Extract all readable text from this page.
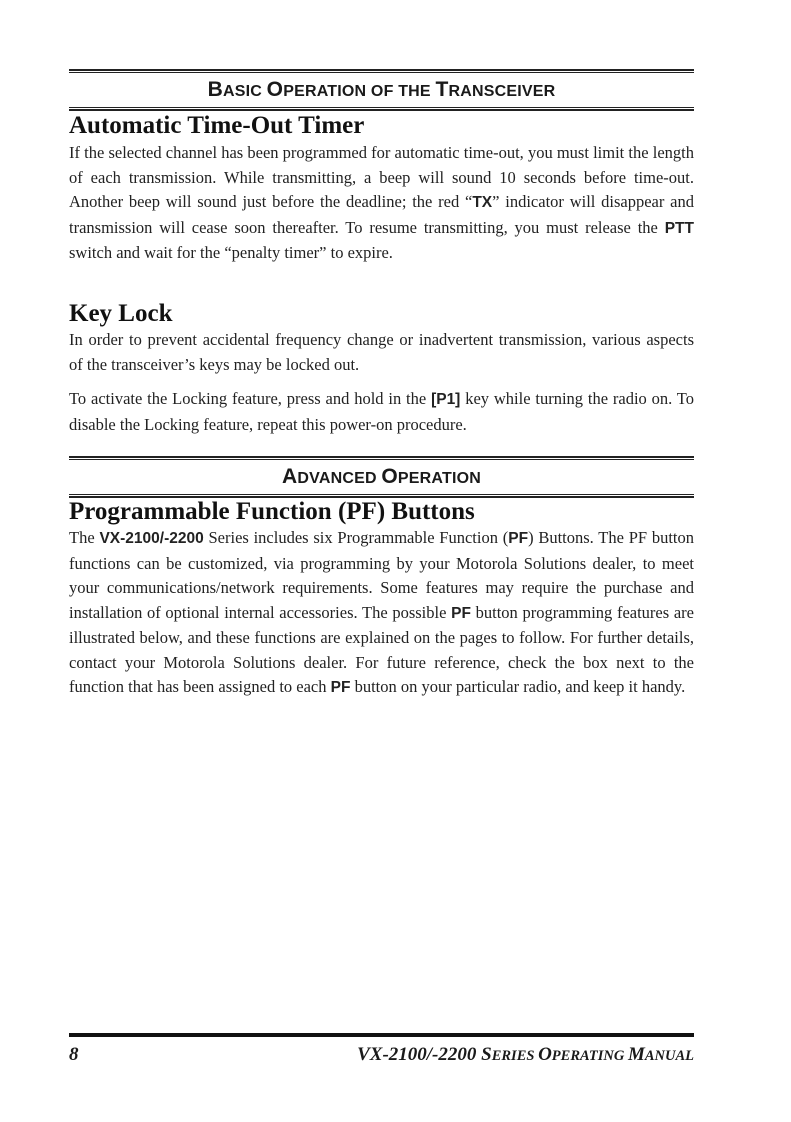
BASIC OPERATION OF THE TRANSCEIVER
Automatic Time-Out Timer

If the selected channel has been programmed for automatic time-out, you must limit the length of each transmission. While transmitting, a beep will sound 10 seconds before time-out. Another beep will sound just before the deadline; the red “TX” indicator will disappear and transmission will cease soon thereafter. To resume transmitting, you must release the PTT switch and wait for the “penalty timer” to expire.

Key Lock

In order to prevent accidental frequency change or inadvertent transmission, various aspects of the transceiver’s keys may be locked out.

To activate the Locking feature, press and hold in the [P1] key while turning the radio on. To disable the Locking feature, repeat this power-on procedure.

ADVANCED OPERATION
Programmable Function (PF) Buttons

The VX-2100/-2200 Series includes six Programmable Function (PF) Buttons. The PF button functions can be customized, via programming by your Motorola Solutions dealer, to meet your communications/network requirements. Some features may require the purchase and installation of optional internal accessories. The possible PF button programming features are illustrated below, and these functions are explained on the pages to follow. For further details, contact your Motorola Solutions dealer. For future reference, check the box next to the function that has been assigned to each PF button on your particular radio, and keep it handy.

8	VX-2100/-2200 SERIES OPERATING MANUAL
